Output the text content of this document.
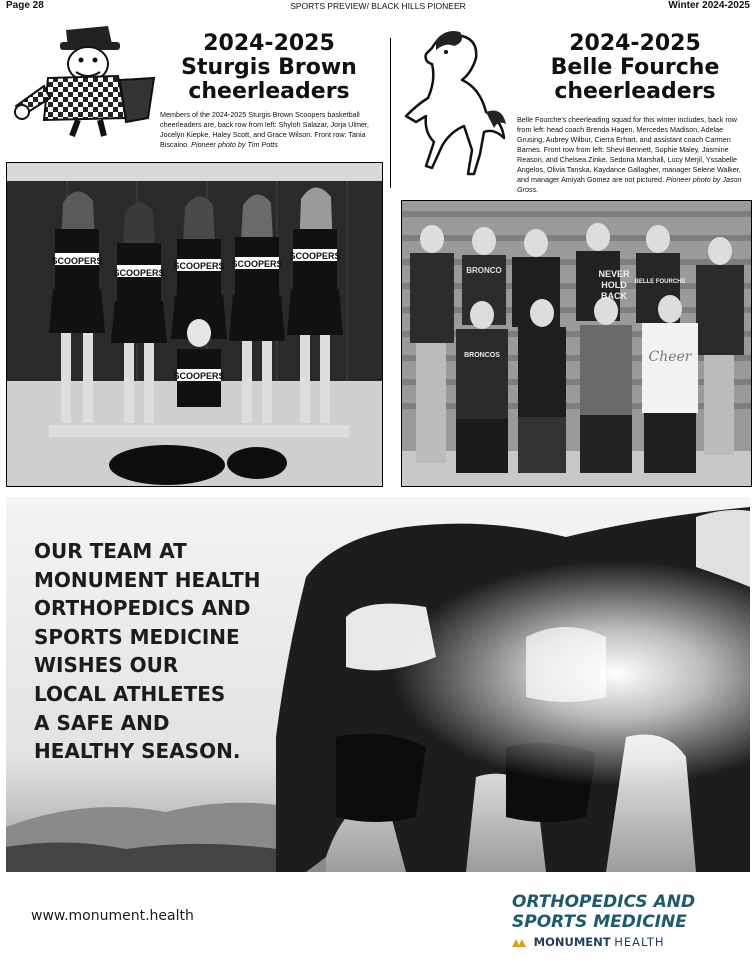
Page 28	SPORTS PREVIEW/ BLACK HILLS PIONEER	Winter 2024-2025
2024-2025
Sturgis Brown
cheerleaders
Members of the 2024-2025 Sturgis Brown Scoopers basketball cheerleaders are, back row from left: Shyloh Salazar, Jorja Ulmer, Jocelyn Kiepke, Haley Scott, and Grace Wilson. Front row: Tania Biscaino. Pioneer photo by Tim Potts
2024-2025
Belle Fourche
cheerleaders
Belle Fourche's cheerleading squad for this winter includes, back row from left: head coach Brenda Hagen, Mercedes Madison, Adelae Grusing, Aubrey Wilbur, Cierra Erhart, and assistant coach Carmen Barnes. Front row from left: Shevi Bennett, Sophie Maley, Jasmine Reason, and Chelsea Zinke. Sedona Marshall, Lucy Merjil, Yssabelle Angelos, Olivia Tanska, Kaydance Gallagher, manager Selene Walker, and manager Amiyah Gomez are not pictured. Pioneer photo by Jason Gross.
SCOOPERS
SCOOPERS
SCOOPERS SCOOPERS
SCOOPERS
SCOOPERS
BRONCO	NEVER
HOLD
BACK
BELLE FOURCHE
BRONCOS	Cheer
OUR TEAM AT
MONUMENT HEALTH
ORTHOPEDICS AND
SPORTS MEDICINE
WISHES OUR
LOCAL ATHLETES
A SAFE AND
HEALTHY SEASON.
www.monument.health
ORTHOPEDICS AND
SPORTS MEDICINE
MONUMENT HEALTH
